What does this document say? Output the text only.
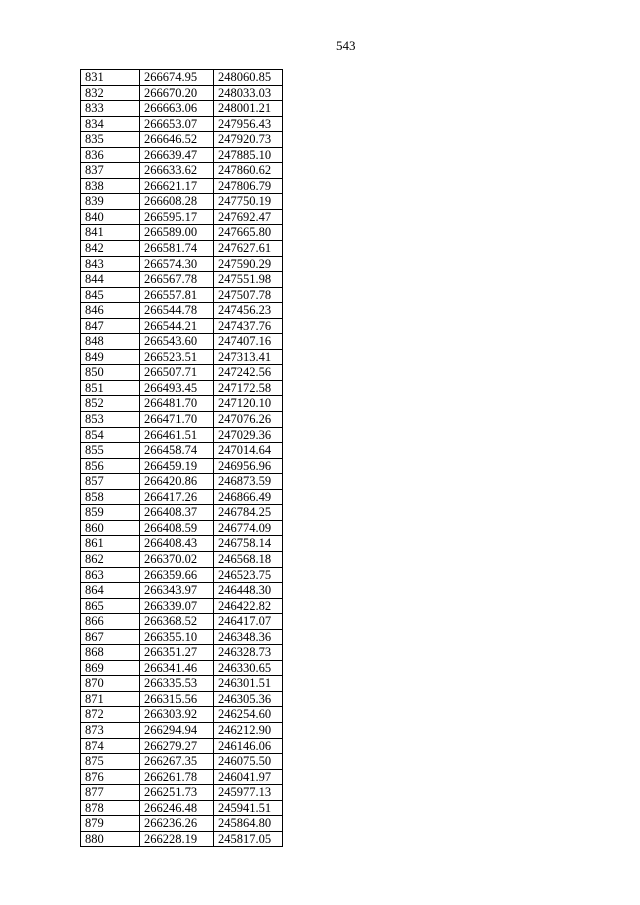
543
831	266674.95	248060.85
832	266670.20	248033.03
833	266663.06	248001.21
834	266653.07	247956.43
835	266646.52	247920.73
836	266639.47	247885.10
837	266633.62	247860.62
838	266621.17	247806.79
839	266608.28	247750.19
840	266595.17	247692.47
841	266589.00	247665.80
842	266581.74	247627.61
843	266574.30	247590.29
844	266567.78	247551.98
845	266557.81	247507.78
846	266544.78	247456.23
847	266544.21	247437.76
848	266543.60	247407.16
849	266523.51	247313.41
850	266507.71	247242.56
851	266493.45	247172.58
852	266481.70	247120.10
853	266471.70	247076.26
854	266461.51	247029.36
855	266458.74	247014.64
856	266459.19	246956.96
857	266420.86	246873.59
858	266417.26	246866.49
859	266408.37	246784.25
860	266408.59	246774.09
861	266408.43	246758.14
862	266370.02	246568.18
863	266359.66	246523.75
864	266343.97	246448.30
865	266339.07	246422.82
866	266368.52	246417.07
867	266355.10	246348.36
868	266351.27	246328.73
869	266341.46	246330.65
870	266335.53	246301.51
871	266315.56	246305.36
872	266303.92	246254.60
873	266294.94	246212.90
874	266279.27	246146.06
875	266267.35	246075.50
876	266261.78	246041.97
877	266251.73	245977.13
878	266246.48	245941.51
879	266236.26	245864.80
880	266228.19	245817.05
